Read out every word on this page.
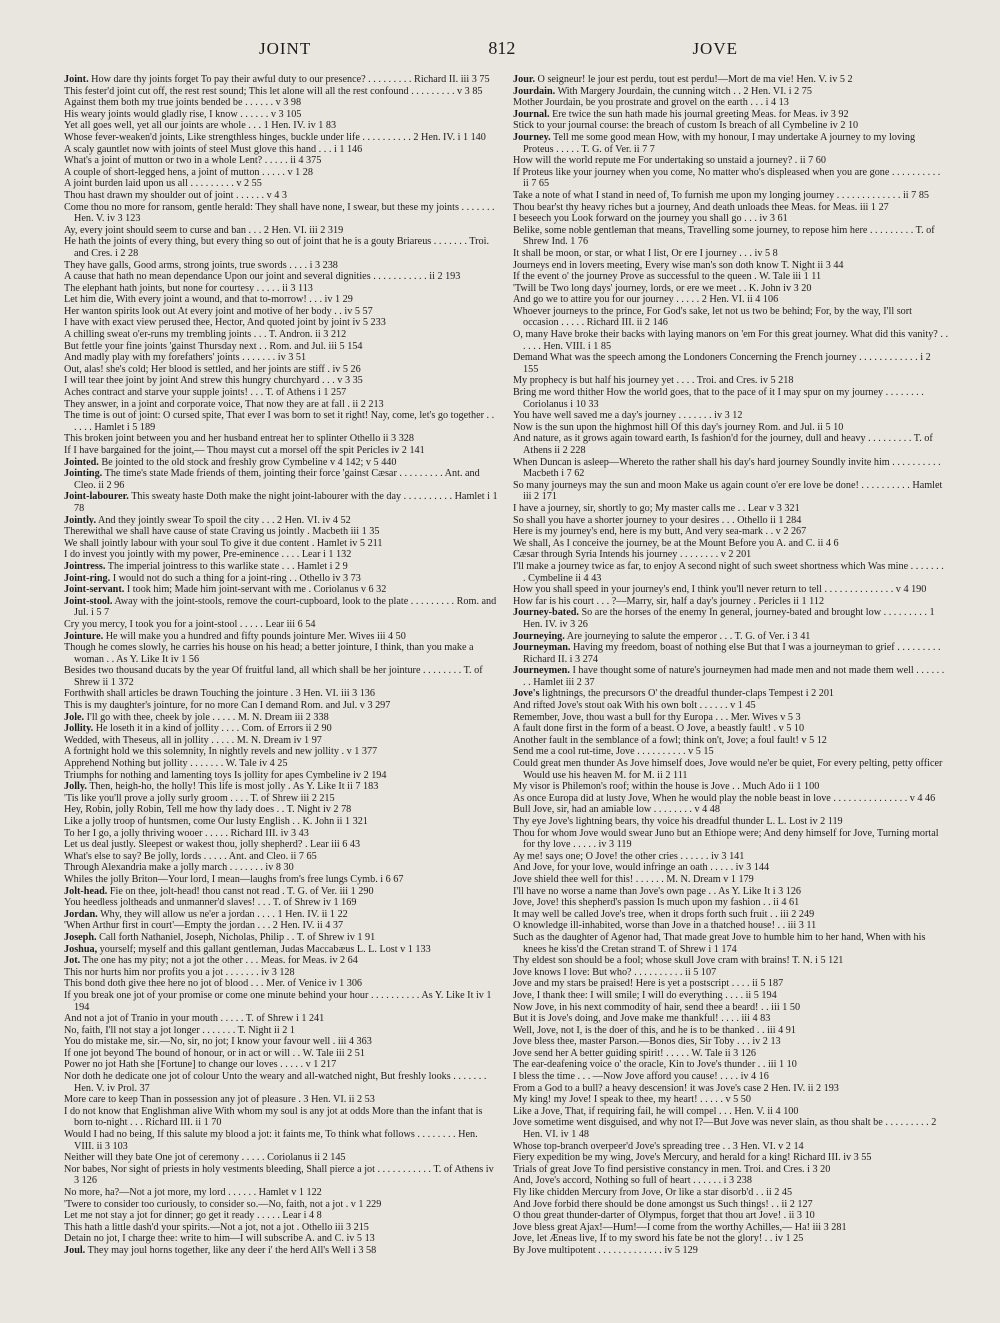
JOINT	812	JOVE

Joint. How dare thy joints forget To pay their awful duty to our presence? . . . . . . . . . Richard II. iii 3 75

This fester'd joint cut off, the rest rest sound; This let alone will all the rest confound . . . . . . . . . v 3 85

Against them both my true joints bended be . . . . . . v 3 98

His weary joints would gladly rise, I know . . . . . . v 3 105

Yet all goes well, yet all our joints are whole . . . 1 Hen. IV. iv 1 83

Whose fever-weaken'd joints, Like strengthless hinges, buckle under life . . . . . . . . . . 2 Hen. IV. i 1 140

A scaly gauntlet now with joints of steel Must glove this hand . . . i 1 146

What's a joint of mutton or two in a whole Lent? . . . . . ii 4 375

A couple of short-legged hens, a joint of mutton . . . . . v 1 28

A joint burden laid upon us all . . . . . . . . . v 2 55

Thou hast drawn my shoulder out of joint . . . . . . v 4 3

Come thou no more for ransom, gentle herald: They shall have none, I swear, but these my joints . . . . . . . Hen. V. iv 3 123

Ay, every joint should seem to curse and ban . . . 2 Hen. VI. iii 2 319

He hath the joints of every thing, but every thing so out of joint that he is a gouty Briareus . . . . . . . Troi. and Cres. i 2 28

They have galls, Good arms, strong joints, true swords . . . . i 3 238

A cause that hath no mean dependance Upon our joint and several dignities . . . . . . . . . . . ii 2 193

The elephant hath joints, but none for courtesy . . . . . ii 3 113

Let him die, With every joint a wound, and that to-morrow! . . . iv 1 29

Her wanton spirits look out At every joint and motive of her body . . iv 5 57

I have with exact view perused thee, Hector, And quoted joint by joint iv 5 233

A chilling sweat o'er-runs my trembling joints . . . T. Andron. ii 3 212

But fettle your fine joints 'gainst Thursday next . . Rom. and Jul. iii 5 154

And madly play with my forefathers' joints . . . . . . . iv 3 51

Out, alas! she's cold; Her blood is settled, and her joints are stiff . iv 5 26

I will tear thee joint by joint And strew this hungry churchyard . . . v 3 35

Aches contract and starve your supple joints! . . . T. of Athens i 1 257

They answer, in a joint and corporate voice, That now they are at fall . ii 2 213

The time is out of joint: O cursed spite, That ever I was born to set it right! Nay, come, let's go together . . . . . . Hamlet i 5 189

This broken joint between you and her husband entreat her to splinter Othello ii 3 328

If I have bargained for the joint,— Thou mayst cut a morsel off the spit Pericles iv 2 141

Jointed. Be jointed to the old stock and freshly grow Cymbeline v 4 142; v 5 440

Jointing. The time's state Made friends of them, jointing their force 'gainst Cæsar . . . . . . . . . Ant. and Cleo. ii 2 96

Joint-labourer. This sweaty haste Doth make the night joint-labourer with the day . . . . . . . . . . Hamlet i 1 78

Jointly. And they jointly swear To spoil the city . . . 2 Hen. VI. iv 4 52

Therewithal we shall have cause of state Craving us jointly . Macbeth iii 1 35

We shall jointly labour with your soul To give it due content . Hamlet iv 5 211

I do invest you jointly with my power, Pre-eminence . . . . Lear i 1 132

Jointress. The imperial jointress to this warlike state . . . Hamlet i 2 9

Joint-ring. I would not do such a thing for a joint-ring . . Othello iv 3 73

Joint-servant. I took him; Made him joint-servant with me . Coriolanus v 6 32

Joint-stool. Away with the joint-stools, remove the court-cupboard, look to the plate . . . . . . . . . Rom. and Jul. i 5 7

Cry you mercy, I took you for a joint-stool . . . . . Lear iii 6 54

Jointure. He will make you a hundred and fifty pounds jointure Mer. Wives iii 4 50

Though he comes slowly, he carries his house on his head; a better jointure, I think, than you make a woman . . As Y. Like It iv 1 56

Besides two thousand ducats by the year Of fruitful land, all which shall be her jointure . . . . . . . . T. of Shrew ii 1 372

Forthwith shall articles be drawn Touching the jointure . 3 Hen. VI. iii 3 136

This is my daughter's jointure, for no more Can I demand Rom. and Jul. v 3 297

Jole. I'll go with thee, cheek by jole . . . . . M. N. Dream iii 2 338

Jollity. He loseth it in a kind of jollity . . . . Com. of Errors ii 2 90

Wedded, with Theseus, all in jollity . . . . . M. N. Dream iv 1 97

A fortnight hold we this solemnity, In nightly revels and new jollity . v 1 377

Apprehend Nothing but jollity . . . . . . . W. Tale iv 4 25

Triumphs for nothing and lamenting toys Is jollity for apes Cymbeline iv 2 194

Jolly. Then, heigh-ho, the holly! This life is most jolly . As Y. Like It ii 7 183

'Tis like you'll prove a jolly surly groom . . . . T. of Shrew iii 2 215

Hey, Robin, jolly Robin, Tell me how thy lady does . . T. Night iv 2 78

Like a jolly troop of huntsmen, come Our lusty English . . K. John ii 1 321

To her I go, a jolly thriving wooer . . . . . Richard III. iv 3 43

Let us deal justly. Sleepest or wakest thou, jolly shepherd? . Lear iii 6 43

What's else to say? Be jolly, lords . . . . . Ant. and Cleo. ii 7 65

Through Alexandria make a jolly march . . . . . . . iv 8 30

Whiles the jolly Briton—Your lord, I mean—laughs from's free lungs Cymb. i 6 67

Jolt-head. Fie on thee, jolt-head! thou canst not read . T. G. of Ver. iii 1 290

You heedless joltheads and unmanner'd slaves! . . . T. of Shrew iv 1 169

Jordan. Why, they will allow us ne'er a jordan . . . . 1 Hen. IV. ii 1 22

'When Arthur first in court'—Empty the jordan . . . 2 Hen. IV. ii 4 37

Joseph. Call forth Nathaniel, Joseph, Nicholas, Philip . . T. of Shrew iv 1 91

Joshua, yourself; myself and this gallant gentleman, Judas Maccabæus L. L. Lost v 1 133

Jot. The one has my pity; not a jot the other . . . Meas. for Meas. iv 2 64

This nor hurts him nor profits you a jot . . . . . . . iv 3 128

This bond doth give thee here no jot of blood . . . Mer. of Venice iv 1 306

If you break one jot of your promise or come one minute behind your hour . . . . . . . . . . As Y. Like It iv 1 194

And not a jot of Tranio in your mouth . . . . . T. of Shrew i 1 241

No, faith, I'll not stay a jot longer . . . . . . . T. Night ii 2 1

You do mistake me, sir.—No, sir, no jot; I know your favour well . iii 4 363

If one jot beyond The bound of honour, or in act or will . . W. Tale iii 2 51

Power no jot Hath she [Fortune] to change our loves . . . . . v 1 217

Nor doth he dedicate one jot of colour Unto the weary and all-watched night, But freshly looks . . . . . . . Hen. V. iv Prol. 37

More care to keep Than in possession any jot of pleasure . 3 Hen. VI. ii 2 53

I do not know that Englishman alive With whom my soul is any jot at odds More than the infant that is born to-night . . . Richard III. ii 1 70

Would I had no being, If this salute my blood a jot: it faints me, To think what follows . . . . . . . . Hen. VIII. ii 3 103

Neither will they bate One jot of ceremony . . . . . Coriolanus ii 2 145

Nor babes, Nor sight of priests in holy vestments bleeding, Shall pierce a jot . . . . . . . . . . . T. of Athens iv 3 126

No more, ha?—Not a jot more, my lord . . . . . . Hamlet v 1 122

'Twere to consider too curiously, to consider so.—No, faith, not a jot . v 1 229

Let me not stay a jot for dinner; go get it ready . . . . . Lear i 4 8

This hath a little dash'd your spirits.—Not a jot, not a jot . Othello iii 3 215

Detain no jot, I charge thee: write to him—I will subscribe A. and C. iv 5 13

Joul. They may joul horns together, like any deer i' the herd All's Well i 3 58

Jour. O seigneur! le jour est perdu, tout est perdu!—Mort de ma vie! Hen. V. iv 5 2

Jourdain. With Margery Jourdain, the cunning witch . . 2 Hen. VI. i 2 75

Mother Jourdain, be you prostrate and grovel on the earth . . . i 4 13

Journal. Ere twice the sun hath made his journal greeting Meas. for Meas. iv 3 92

Stick to your journal course: the breach of custom Is breach of all Cymbeline iv 2 10

Journey. Tell me some good mean How, with my honour, I may undertake A journey to my loving Proteus . . . . . T. G. of Ver. ii 7 7

How will the world repute me For undertaking so unstaid a journey? . ii 7 60

If Proteus like your journey when you come, No matter who's displeased when you are gone . . . . . . . . . . ii 7 65

Take a note of what I stand in need of, To furnish me upon my longing journey . . . . . . . . . . . . . ii 7 85

Thou bear'st thy heavy riches but a journey, And death unloads thee Meas. for Meas. iii 1 27

I beseech you Look forward on the journey you shall go . . . iv 3 61

Belike, some noble gentleman that means, Travelling some journey, to repose him here . . . . . . . . . T. of Shrew Ind. 1 76

It shall be moon, or star, or what I list, Or ere I journey . . . iv 5 8

Journeys end in lovers meeting, Every wise man's son doth know T. Night ii 3 44

If the event o' the journey Prove as successful to the queen . W. Tale iii 1 11

'Twill be Two long days' journey, lords, or ere we meet . . K. John iv 3 20

And go we to attire you for our journey . . . . . 2 Hen. VI. ii 4 106

Whoever journeys to the prince, For God's sake, let not us two be behind; For, by the way, I'll sort occasion . . . . . Richard III. ii 2 146

O, many Have broke their backs with laying manors on 'em For this great journey. What did this vanity? . . . . . . Hen. VIII. i 1 85

Demand What was the speech among the Londoners Concerning the French journey . . . . . . . . . . . . i 2 155

My prophecy is but half his journey yet . . . . Troi. and Cres. iv 5 218

Bring me word thither How the world goes, that to the pace of it I may spur on my journey . . . . . . . . Coriolanus i 10 33

You have well saved me a day's journey . . . . . . . iv 3 12

Now is the sun upon the highmost hill Of this day's journey Rom. and Jul. ii 5 10

And nature, as it grows again toward earth, Is fashion'd for the journey, dull and heavy . . . . . . . . . T. of Athens ii 2 228

When Duncan is asleep—Whereto the rather shall his day's hard journey Soundly invite him . . . . . . . . . . Macbeth i 7 62

So many journeys may the sun and moon Make us again count o'er ere love be done! . . . . . . . . . . Hamlet iii 2 171

I have a journey, sir, shortly to go; My master calls me . . Lear v 3 321

So shall you have a shorter journey to your desires . . . Othello ii 1 284

Here is my journey's end, here is my butt, And very sea-mark . . v 2 267

We shall, As I conceive the journey, be at the Mount Before you A. and C. ii 4 6

Cæsar through Syria Intends his journey . . . . . . . . v 2 201

I'll make a journey twice as far, to enjoy A second night of such sweet shortness which Was mine . . . . . . . . Cymbeline ii 4 43

How you shall speed in your journey's end, I think you'll never return to tell . . . . . . . . . . . . . . v 4 190

How far is his court . . . ?—Marry, sir, half a day's journey . Pericles ii 1 112

Journey-bated. So are the horses of the enemy In general, journey-bated and brought low . . . . . . . . . 1 Hen. IV. iv 3 26

Journeying. Are journeying to salute the emperor . . . T. G. of Ver. i 3 41

Journeyman. Having my freedom, boast of nothing else But that I was a journeyman to grief . . . . . . . . . Richard II. i 3 274

Journeymen. I have thought some of nature's journeymen had made men and not made them well . . . . . . . . Hamlet iii 2 37

Jove's lightnings, the precursors O' the dreadful thunder-claps Tempest i 2 201

And rifted Jove's stout oak With his own bolt . . . . . . v 1 45

Remember, Jove, thou wast a bull for thy Europa . . . Mer. Wives v 5 3

A fault done first in the form of a beast. O Jove, a beastly fault! . v 5 10

Another fault in the semblance of a fowl; think on't, Jove; a foul fault! v 5 12

Send me a cool rut-time, Jove . . . . . . . . . . v 5 15

Could great men thunder As Jove himself does, Jove would ne'er be quiet, For every pelting, petty officer Would use his heaven M. for M. ii 2 111

My visor is Philemon's roof; within the house is Jove . . Much Ado ii 1 100

As once Europa did at lusty Jove, When he would play the noble beast in love . . . . . . . . . . . . . . . v 4 46

Bull Jove, sir, had an amiable low . . . . . . . . v 4 48

Thy eye Jove's lightning bears, thy voice his dreadful thunder L. L. Lost iv 2 119

Thou for whom Jove would swear Juno but an Ethiope were; And deny himself for Jove, Turning mortal for thy love . . . . . iv 3 119

Ay me! says one; O Jove! the other cries . . . . . . iv 3 141

And Jove, for your love, would infringe an oath . . . . . iv 3 144

Jove shield thee well for this! . . . . . . M. N. Dream v 1 179

I'll have no worse a name than Jove's own page . . As Y. Like It i 3 126

Jove, Jove! this shepherd's passion Is much upon my fashion . . ii 4 61

It may well be called Jove's tree, when it drops forth such fruit . . iii 2 249

O knowledge ill-inhabited, worse than Jove in a thatched house! . . iii 3 11

Such as the daughter of Agenor had, That made great Jove to humble him to her hand, When with his knees he kiss'd the Cretan strand T. of Shrew i 1 174

Thy eldest son should be a fool; whose skull Jove cram with brains! T. N. i 5 121

Jove knows I love: But who? . . . . . . . . . . ii 5 107

Jove and my stars be praised! Here is yet a postscript . . . . ii 5 187

Jove, I thank thee: I will smile; I will do everything . . . . ii 5 194

Now Jove, in his next commodity of hair, send thee a beard! . . iii 1 50

But it is Jove's doing, and Jove make me thankful! . . . . iii 4 83

Well, Jove, not I, is the doer of this, and he is to be thanked . . iii 4 91

Jove bless thee, master Parson.—Bonos dies, Sir Toby . . . iv 2 13

Jove send her A better guiding spirit! . . . . . W. Tale ii 3 126

The ear-deafening voice o' the oracle, Kin to Jove's thunder . . iii 1 10

I bless the time . . . —Now Jove afford you cause! . . . . iv 4 16

From a God to a bull? a heavy descension! it was Jove's case 2 Hen. IV. ii 2 193

My king! my Jove! I speak to thee, my heart! . . . . . v 5 50

Like a Jove, That, if requiring fail, he will compel . . . Hen. V. ii 4 100

Jove sometime went disguised, and why not I?—But Jove was never slain, as thou shalt be . . . . . . . . . 2 Hen. VI. iv 1 48

Whose top-branch overpeer'd Jove's spreading tree . . 3 Hen. VI. v 2 14

Fiery expedition be my wing, Jove's Mercury, and herald for a king! Richard III. iv 3 55

Trials of great Jove To find persistive constancy in men. Troi. and Cres. i 3 20

And, Jove's accord, Nothing so full of heart . . . . . . i 3 238

Fly like chidden Mercury from Jove, Or like a star disorb'd . . ii 2 45

And Jove forbid there should be done amongst us Such things! . . ii 2 127

O thou great thunder-darter of Olympus, forget that thou art Jove! . ii 3 10

Jove bless great Ajax!—Hum!—I come from the worthy Achilles,— Ha! iii 3 281

Jove, let Æneas live, If to my sword his fate be not the glory! . . iv 1 25

By Jove multipotent . . . . . . . . . . . . . iv 5 129
